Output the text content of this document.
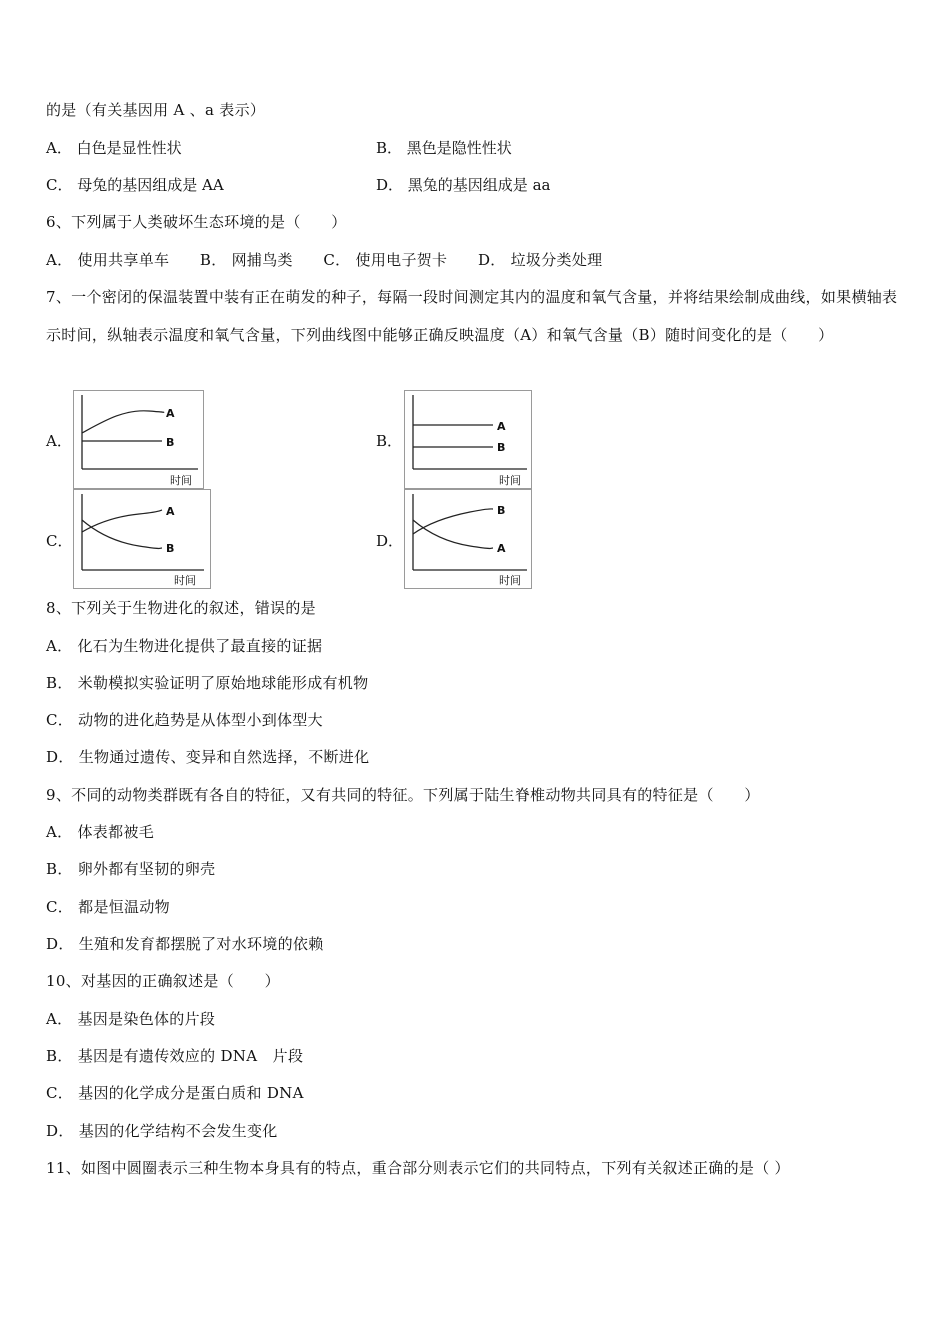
的是（有关基因用 A 、a 表示）
A． 白色是显性性状	B． 黑色是隐性性状
C． 母兔的基因组成是 AA	D． 黑兔的基因组成是 aa
6、下列属于人类破坏生态环境的是（　　）
A． 使用共享单车　　B． 网捕鸟类　　C． 使用电子贺卡　　D． 垃圾分类处理
7、一个密闭的保温装置中装有正在萌发的种子，每隔一段时间测定其内的温度和氧气含量，并将结果绘制成曲线，如果横轴表示时间，纵轴表示温度和氧气含量，下列曲线图中能够正确反映温度（A）和氧气含量（B）随时间变化的是（　　）
A．
A
B
时间
B．
A
B
时间
C．
A
B
时间
D．
B
A
时间
8、下列关于生物进化的叙述，错误的是
A． 化石为生物进化提供了最直接的证据
B． 米勒模拟实验证明了原始地球能形成有机物
C． 动物的进化趋势是从体型小到体型大
D． 生物通过遗传、变异和自然选择，不断进化
9、不同的动物类群既有各自的特征，又有共同的特征。下列属于陆生脊椎动物共同具有的特征是（　　）
A． 体表都被毛
B． 卵外都有坚韧的卵壳
C． 都是恒温动物
D． 生殖和发育都摆脱了对水环境的依赖
10、对基因的正确叙述是（　　）
A． 基因是染色体的片段
B． 基因是有遗传效应的 DNA　片段
C． 基因的化学成分是蛋白质和 DNA
D． 基因的化学结构不会发生变化
11、如图中圆圈表示三种生物本身具有的特点，重合部分则表示它们的共同特点，下列有关叙述正确的是（ ）
